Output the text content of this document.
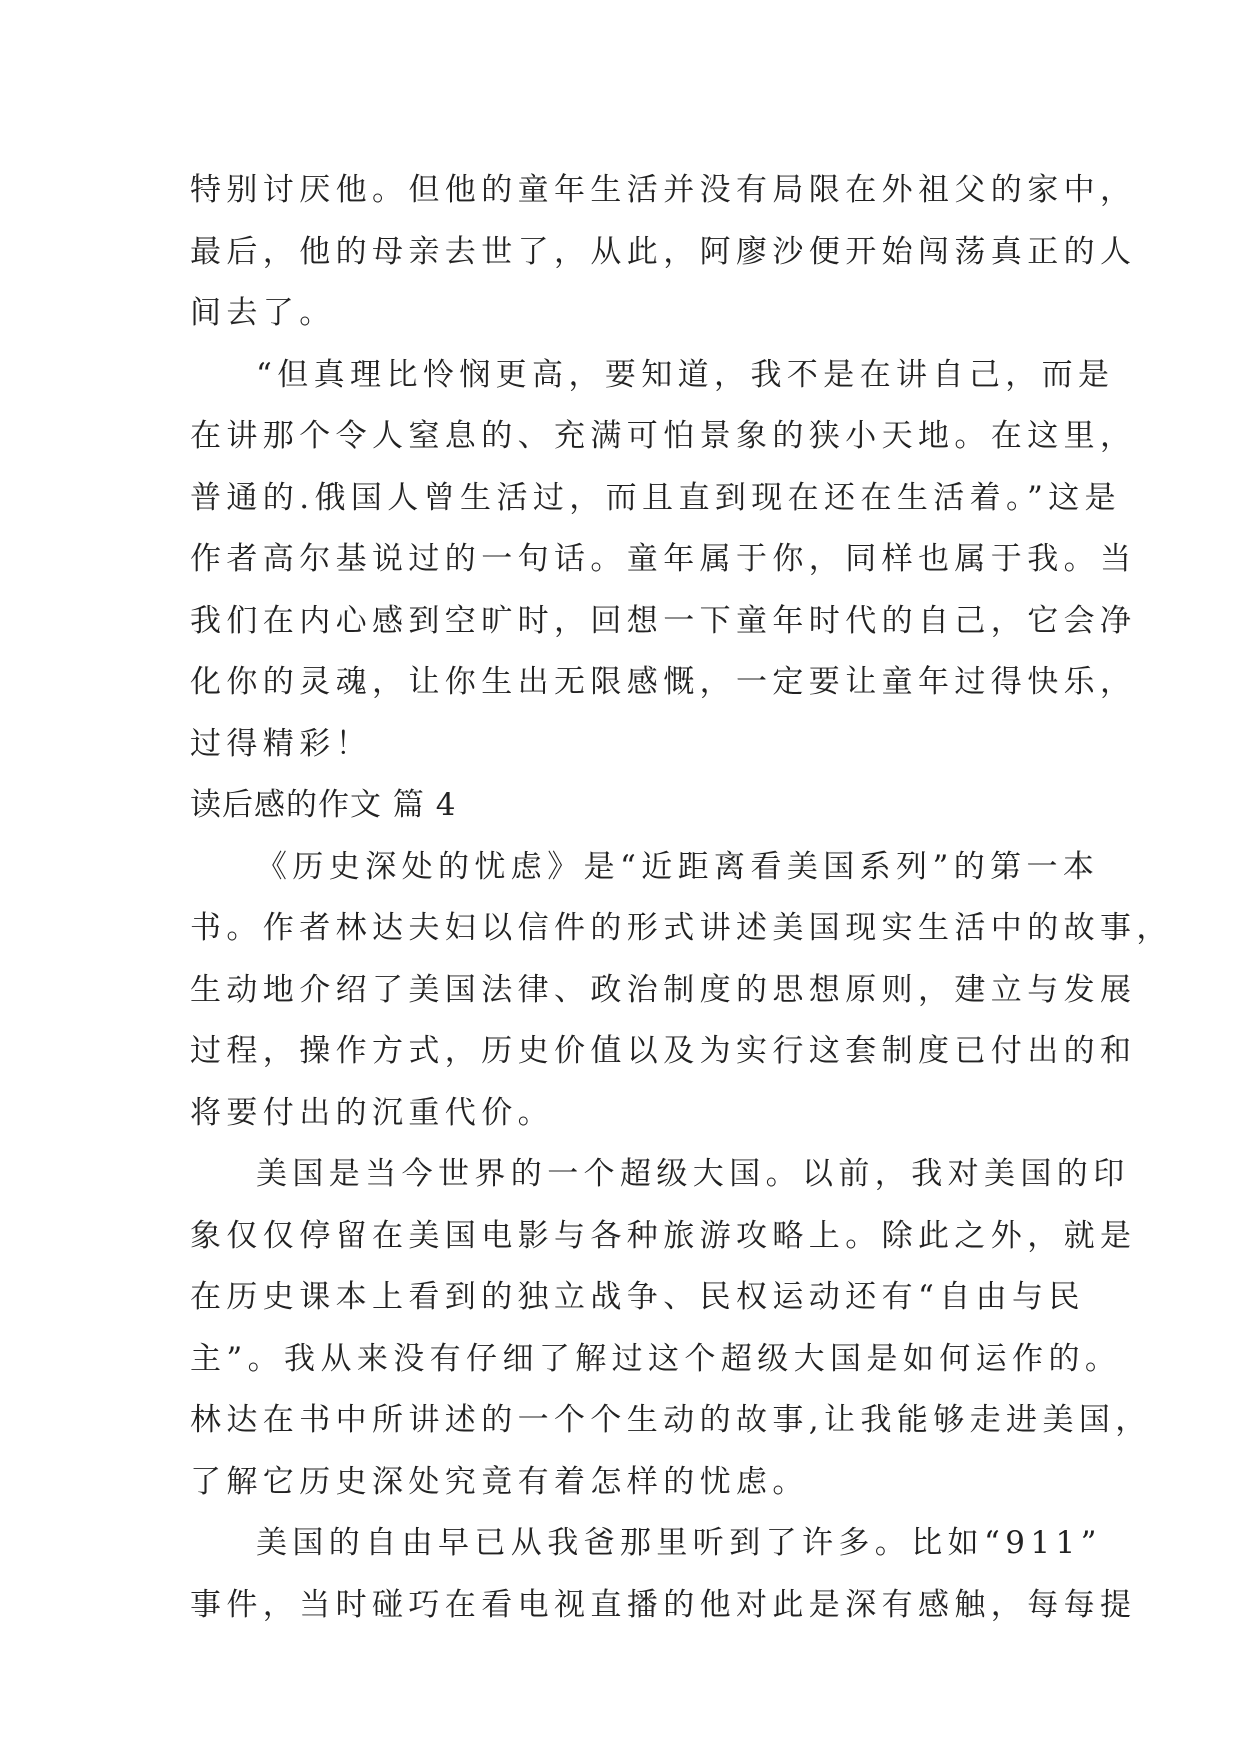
特别讨厌他。但他的童年生活并没有局限在外祖父的家中，
最后，他的母亲去世了，从此，阿廖沙便开始闯荡真正的人
间去了。
“但真理比怜悯更高，要知道，我不是在讲自己，而是
在讲那个令人窒息的、充满可怕景象的狭小天地。在这里，
普通的.俄国人曾生活过，而且直到现在还在生活着。”这是
作者高尔基说过的一句话。童年属于你，同样也属于我。当
我们在内心感到空旷时，回想一下童年时代的自己，它会净
化你的灵魂，让你生出无限感慨，一定要让童年过得快乐，
过得精彩！
读后感的作文 篇 4
《历史深处的忧虑》是“近距离看美国系列”的第一本
书。作者林达夫妇以信件的形式讲述美国现实生活中的故事，
生动地介绍了美国法律、政治制度的思想原则，建立与发展
过程，操作方式，历史价值以及为实行这套制度已付出的和
将要付出的沉重代价。
美国是当今世界的一个超级大国。以前，我对美国的印
象仅仅停留在美国电影与各种旅游攻略上。除此之外，就是
在历史课本上看到的独立战争、民权运动还有“自由与民
主”。我从来没有仔细了解过这个超级大国是如何运作的。
林达在书中所讲述的一个个生动的故事,让我能够走进美国，
了解它历史深处究竟有着怎样的忧虑。
美国的自由早已从我爸那里听到了许多。比如“911”
事件，当时碰巧在看电视直播的他对此是深有感触，每每提
